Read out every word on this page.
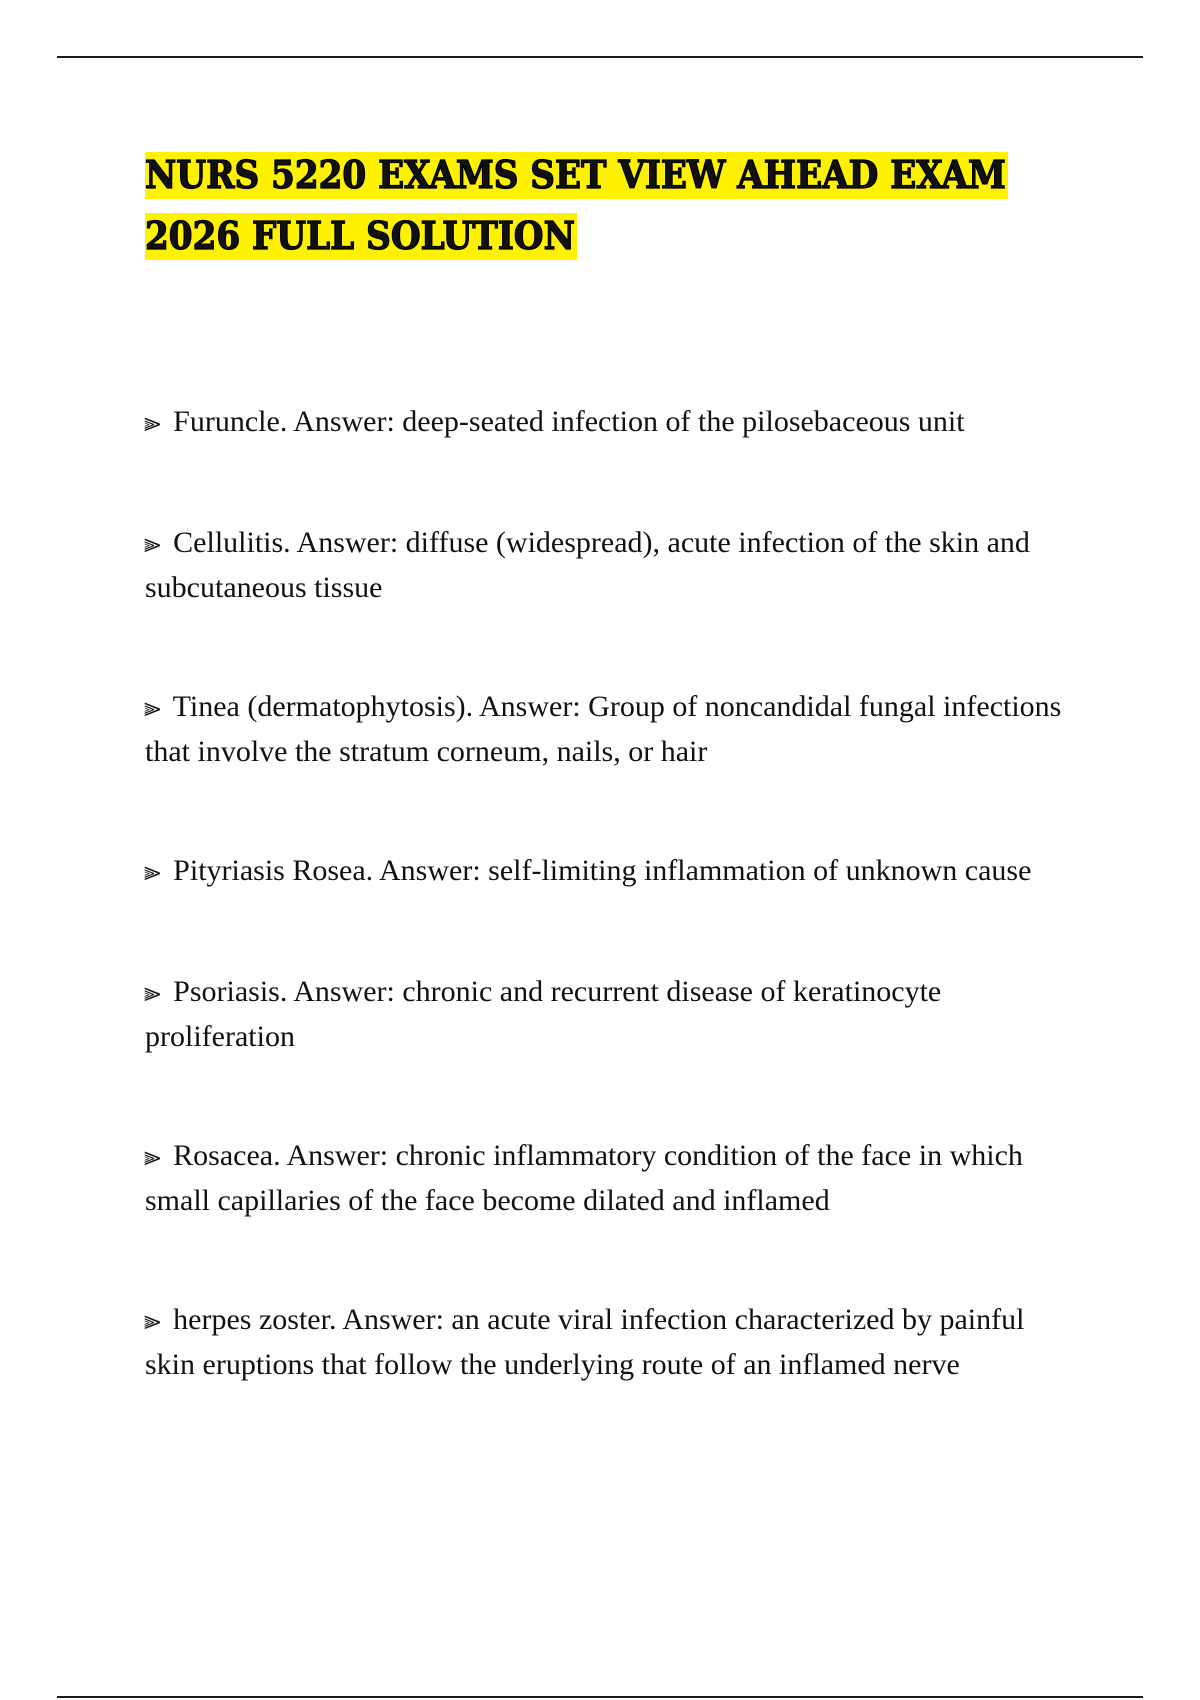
NURS 5220 EXAMS SET VIEW AHEAD EXAM 2026 FULL SOLUTION
⫸ Furuncle. Answer: deep-seated infection of the pilosebaceous unit
⫸ Cellulitis. Answer: diffuse (widespread), acute infection of the skin and subcutaneous tissue
⫸ Tinea (dermatophytosis). Answer: Group of noncandidal fungal infections that involve the stratum corneum, nails, or hair
⫸ Pityriasis Rosea. Answer: self-limiting inflammation of unknown cause
⫸ Psoriasis. Answer: chronic and recurrent disease of keratinocyte proliferation
⫸ Rosacea. Answer: chronic inflammatory condition of the face in which small capillaries of the face become dilated and inflamed
⫸ herpes zoster. Answer: an acute viral infection characterized by painful skin eruptions that follow the underlying route of an inflamed nerve
